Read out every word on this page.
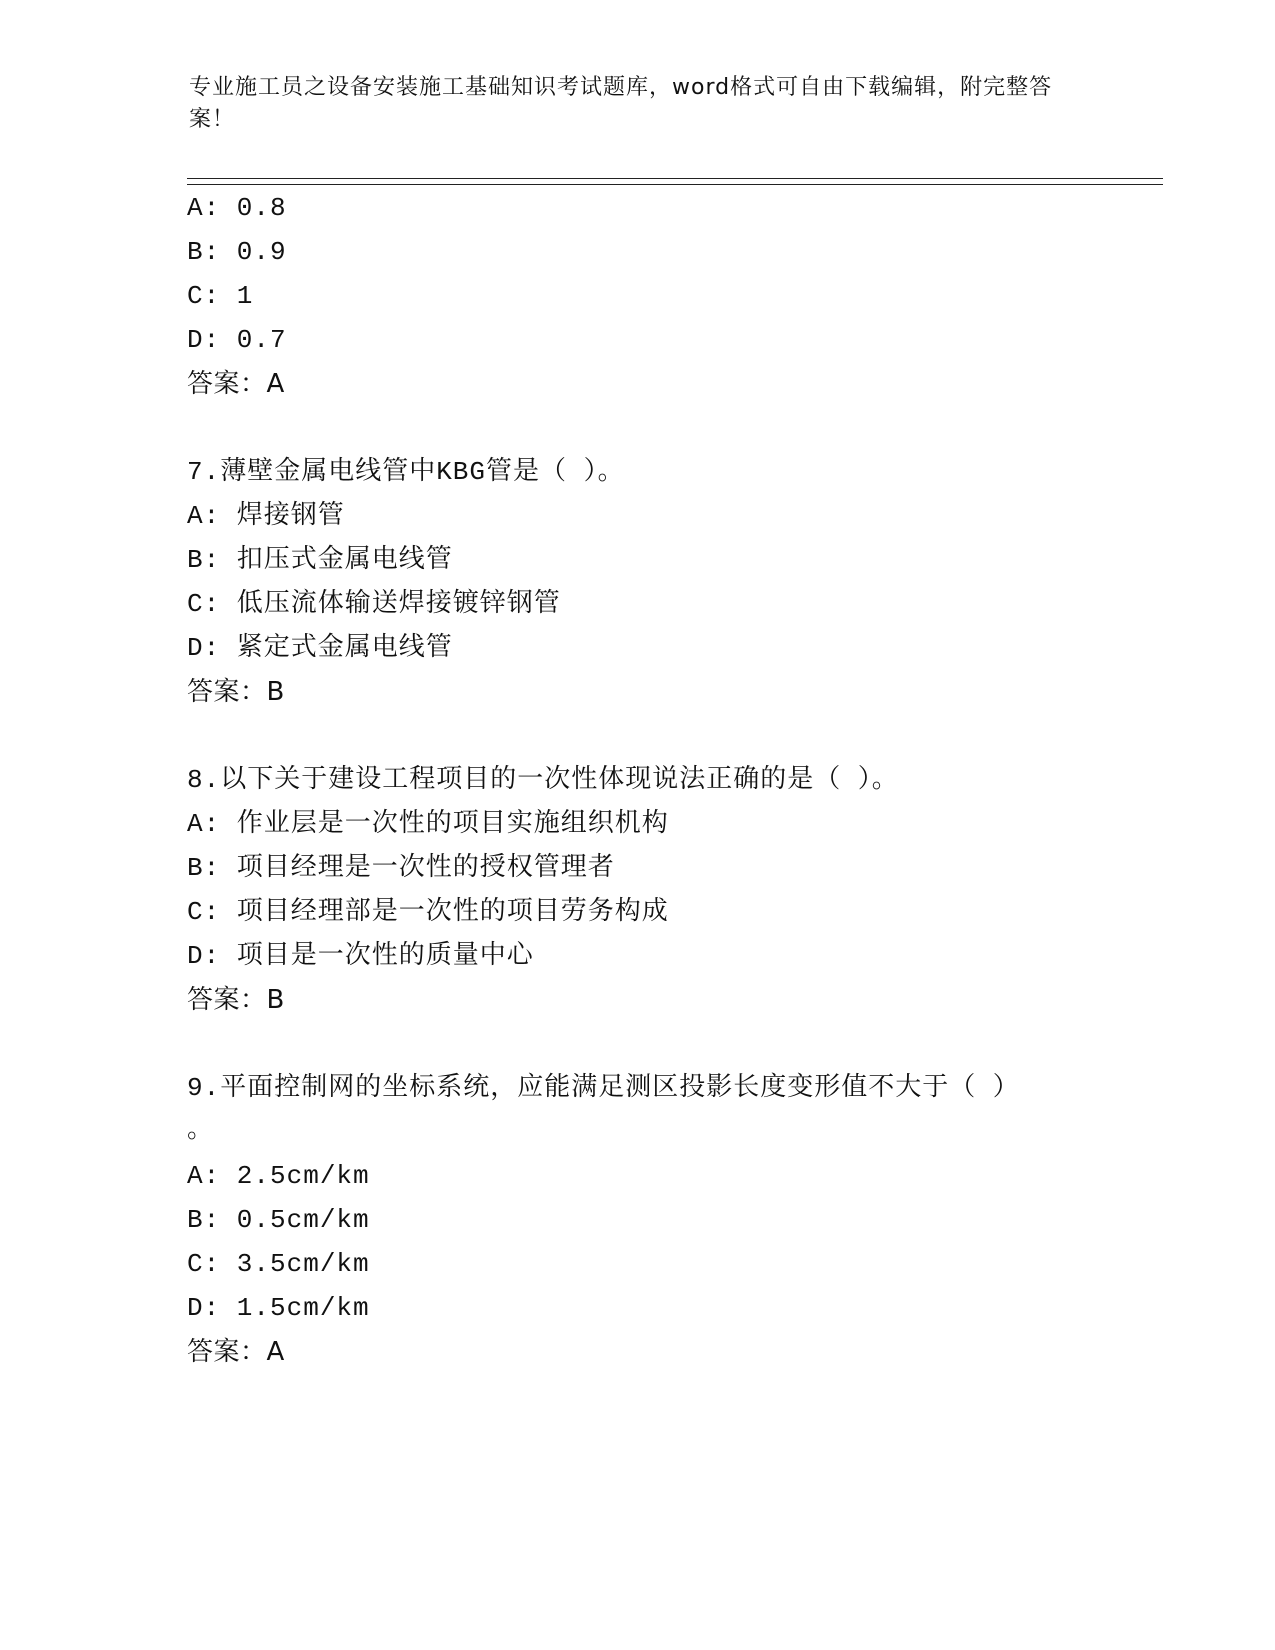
专业施工员之设备安装施工基础知识考试题库，word格式可自由下载编辑，附完整答案！
A: 0.8
B: 0.9
C: 1
D: 0.7
答案：A
7.薄壁金属电线管中KBG管是（ ）。
A: 焊接钢管
B: 扣压式金属电线管
C: 低压流体输送焊接镀锌钢管
D: 紧定式金属电线管
答案：B
8.以下关于建设工程项目的一次性体现说法正确的是（ ）。
A: 作业层是一次性的项目实施组织机构
B: 项目经理是一次性的授权管理者
C: 项目经理部是一次性的项目劳务构成
D: 项目是一次性的质量中心
答案：B
9.平面控制网的坐标系统，应能满足测区投影长度变形值不大于（ ）
。
A: 2.5cm/km
B: 0.5cm/km
C: 3.5cm/km
D: 1.5cm/km
答案：A
